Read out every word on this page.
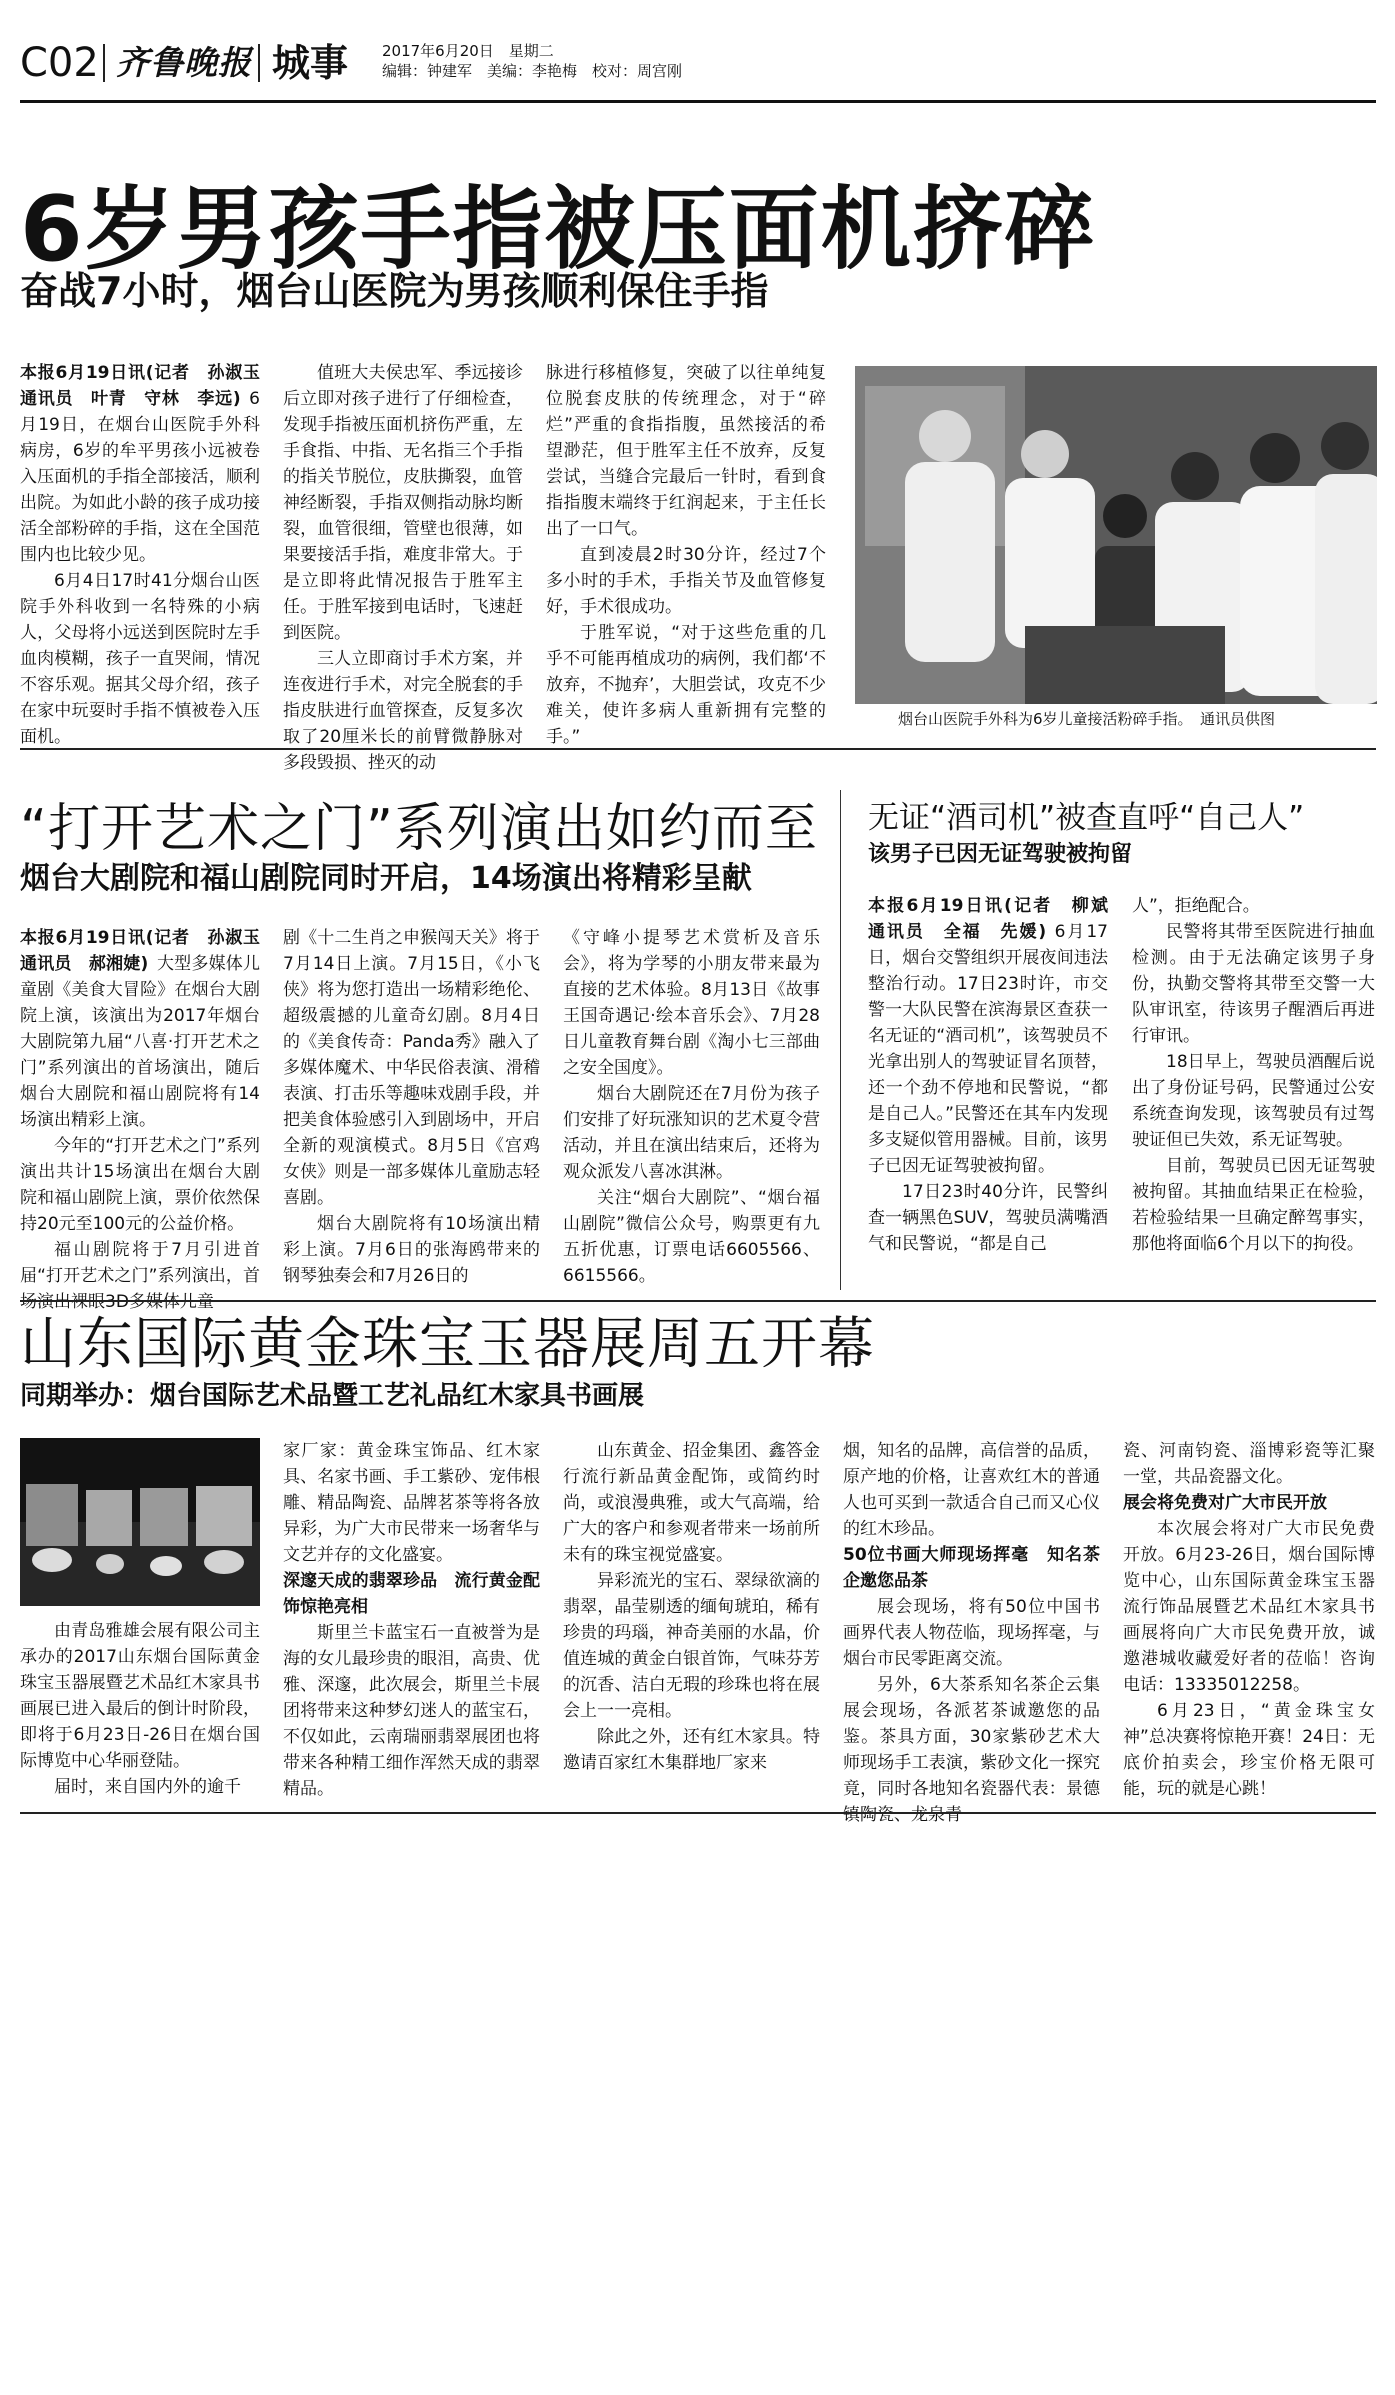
C02 齐鲁晚报 城事 2017年6月20日　星期二
编辑：钟建军　美编：李艳梅　校对：周宫刚
6岁男孩手指被压面机挤碎
奋战7小时，烟台山医院为男孩顺利保住手指

本报6月19日讯(记者　孙淑玉　通讯员　叶青　守林　李远) 6月19日，在烟台山医院手外科病房，6岁的牟平男孩小远被卷入压面机的手指全部接活，顺利出院。为如此小龄的孩子成功接活全部粉碎的手指，这在全国范围内也比较少见。

6月4日17时41分烟台山医院手外科收到一名特殊的小病人，父母将小远送到医院时左手血肉模糊，孩子一直哭闹，情况不容乐观。据其父母介绍，孩子在家中玩耍时手指不慎被卷入压面机。

值班大夫侯忠军、季远接诊后立即对孩子进行了仔细检查，发现手指被压面机挤伤严重，左手食指、中指、无名指三个手指的指关节脱位，皮肤撕裂，血管神经断裂，手指双侧指动脉均断裂，血管很细，管壁也很薄，如果要接活手指，难度非常大。于是立即将此情况报告于胜军主任。于胜军接到电话时，飞速赶到医院。

三人立即商讨手术方案，并连夜进行手术，对完全脱套的手指皮肤进行血管探查，反复多次取了20厘米长的前臂微静脉对多段毁损、挫灭的动

脉进行移植修复，突破了以往单纯复位脱套皮肤的传统理念，对于“碎烂”严重的食指指腹，虽然接活的希望渺茫，但于胜军主任不放弃，反复尝试，当缝合完最后一针时，看到食指指腹末端终于红润起来，于主任长出了一口气。

直到凌晨2时30分许，经过7个多小时的手术，手指关节及血管修复好，手术很成功。

于胜军说，“对于这些危重的几乎不可能再植成功的病例，我们都‘不放弃，不抛弃’，大胆尝试，攻克不少难关，使许多病人重新拥有完整的手。”

烟台山医院手外科为6岁儿童接活粉碎手指。　通讯员供图
“打开艺术之门”系列演出如约而至
烟台大剧院和福山剧院同时开启，14场演出将精彩呈献

本报6月19日讯(记者　孙淑玉　通讯员　郝湘婕) 大型多媒体儿童剧《美食大冒险》在烟台大剧院上演，该演出为2017年烟台大剧院第九届“八喜·打开艺术之门”系列演出的首场演出，随后烟台大剧院和福山剧院将有14场演出精彩上演。

今年的“打开艺术之门”系列演出共计15场演出在烟台大剧院和福山剧院上演，票价依然保持20元至100元的公益价格。

福山剧院将于7月引进首届“打开艺术之门”系列演出，首场演出裸眼3D多媒体儿童

剧《十二生肖之申猴闯天关》将于7月14日上演。7月15日，《小飞侠》将为您打造出一场精彩绝伦、超级震撼的儿童奇幻剧。8月4日的《美食传奇：Panda秀》融入了多媒体魔术、中华民俗表演、滑稽表演、打击乐等趣味戏剧手段，并把美食体验感引入到剧场中，开启全新的观演模式。8月5日《宫鸡女侠》则是一部多媒体儿童励志轻喜剧。

烟台大剧院将有10场演出精彩上演。7月6日的张海鸥带来的钢琴独奏会和7月26日的

《守峰小提琴艺术赏析及音乐会》，将为学琴的小朋友带来最为直接的艺术体验。8月13日《故事王国奇遇记·绘本音乐会》、7月28日儿童教育舞台剧《淘小七三部曲之安全国度》。

烟台大剧院还在7月份为孩子们安排了好玩涨知识的艺术夏令营活动，并且在演出结束后，还将为观众派发八喜冰淇淋。

关注“烟台大剧院”、“烟台福山剧院”微信公众号，购票更有九五折优惠，订票电话6605566、6615566。

无证“酒司机”被查直呼“自己人”
该男子已因无证驾驶被拘留

本报6月19日讯(记者　柳斌　通讯员　全福　先媛) 6月17日，烟台交警组织开展夜间违法整治行动。17日23时许，市交警一大队民警在滨海景区查获一名无证的“酒司机”，该驾驶员不光拿出别人的驾驶证冒名顶替，还一个劲不停地和民警说，“都是自己人。”民警还在其车内发现多支疑似管用器械。目前，该男子已因无证驾驶被拘留。

17日23时40分许，民警纠查一辆黑色SUV，驾驶员满嘴酒气和民警说，“都是自己

人”，拒绝配合。

民警将其带至医院进行抽血检测。由于无法确定该男子身份，执勤交警将其带至交警一大队审讯室，待该男子醒酒后再进行审讯。

18日早上，驾驶员酒醒后说出了身份证号码，民警通过公安系统查询发现，该驾驶员有过驾驶证但已失效，系无证驾驶。

目前，驾驶员已因无证驾驶被拘留。其抽血结果正在检验，若检验结果一旦确定醉驾事实，那他将面临6个月以下的拘役。

山东国际黄金珠宝玉器展周五开幕
同期举办：烟台国际艺术品暨工艺礼品红木家具书画展

由青岛雅雄会展有限公司主承办的2017山东烟台国际黄金珠宝玉器展暨艺术品红木家具书画展已进入最后的倒计时阶段，即将于6月23日-26日在烟台国际博览中心华丽登陆。

届时，来自国内外的逾千

家厂家：黄金珠宝饰品、红木家具、名家书画、手工紫砂、宠伟根雕、精品陶瓷、品牌茗茶等将各放异彩，为广大市民带来一场奢华与文艺并存的文化盛宴。

深邃天成的翡翠珍品　流行黄金配饰惊艳亮相

斯里兰卡蓝宝石一直被誉为是海的女儿最珍贵的眼泪，高贵、优雅、深邃，此次展会，斯里兰卡展团将带来这种梦幻迷人的蓝宝石，不仅如此，云南瑞丽翡翠展团也将带来各种精工细作浑然天成的翡翠精品。

山东黄金、招金集团、鑫答金行流行新品黄金配饰，或简约时尚，或浪漫典雅，或大气高端，给广大的客户和参观者带来一场前所未有的珠宝视觉盛宴。

异彩流光的宝石、翠绿欲滴的翡翠，晶莹剔透的缅甸琥珀，稀有珍贵的玛瑙，神奇美丽的水晶，价值连城的黄金白银首饰，气味芬芳的沉香、洁白无瑕的珍珠也将在展会上一一亮相。

除此之外，还有红木家具。特邀请百家红木集群地厂家来

烟，知名的品牌，高信誉的品质，原产地的价格，让喜欢红木的普通人也可买到一款适合自己而又心仪的红木珍品。

50位书画大师现场挥毫　知名茶企邀您品茶

展会现场，将有50位中国书画界代表人物莅临，现场挥毫，与烟台市民零距离交流。

另外，6大茶系知名茶企云集展会现场，各派茗茶诚邀您的品鉴。茶具方面，30家紫砂艺术大师现场手工表演，紫砂文化一探究竟，同时各地知名瓷器代表：景德镇陶瓷、龙泉青

瓷、河南钧瓷、淄博彩瓷等汇聚一堂，共品瓷器文化。

展会将免费对广大市民开放

本次展会将对广大市民免费开放。6月23-26日，烟台国际博览中心，山东国际黄金珠宝玉器流行饰品展暨艺术品红木家具书画展将向广大市民免费开放，诚邀港城收藏爱好者的莅临！咨询电话：13335012258。

6月23日，“黄金珠宝女神”总决赛将惊艳开赛！24日：无底价拍卖会，珍宝价格无限可能，玩的就是心跳！
